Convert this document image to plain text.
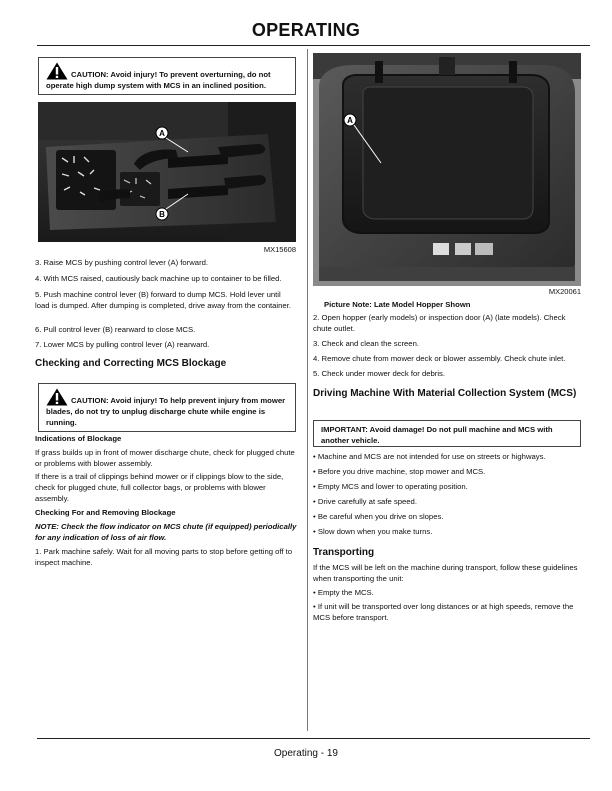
OPERATING
CAUTION: Avoid injury! To prevent overturning, do not operate high dump system with MCS in an inclined position.
A
B
MX15608

3. Raise MCS by pushing control lever (A) forward.

4. With MCS raised, cautiously back machine up to container to be filled.

5. Push machine control lever (B) forward to dump MCS. Hold lever until load is dumped. After dumping is completed, drive away from the container.

6. Pull control lever (B) rearward to close MCS.

7. Lower MCS by pulling control lever (A) rearward.

Checking and Correcting MCS Blockage
CAUTION: Avoid injury! To help prevent injury from mower blades, do not try to unplug discharge chute while engine is running.
Indications of Blockage

If grass builds up in front of mower discharge chute, check for plugged chute or problems with blower assembly.

If there is a trail of clippings behind mower or if clippings blow to the side, check for plugged chute, full collector bags, or problems with blower assembly.

Checking For and Removing Blockage
NOTE: Check the flow indicator on MCS chute (if equipped) periodically for any indication of loss of air flow.

1. Park machine safely. Wait for all moving parts to stop before getting off to inspect machine.

A
MX20061
Picture Note: Late Model Hopper Shown

2. Open hopper (early models) or inspection door (A) (late models). Check chute outlet.

3. Check and clean the screen.

4. Remove chute from mower deck or blower assembly. Check chute inlet.

5. Check under mower deck for debris.

Driving Machine With Material Collection System (MCS)
IMPORTANT: Avoid damage! Do not pull machine and MCS with another vehicle.

• Machine and MCS are not intended for use on streets or highways.

• Before you drive machine, stop mower and MCS.

• Empty MCS and lower to operating position.

• Drive carefully at safe speed.

• Be careful when you drive on slopes.

• Slow down when you make turns.

Transporting

If the MCS will be left on the machine during transport, follow these guidelines when transporting the unit:

• Empty the MCS.

• If unit will be transported over long distances or at high speeds, remove the MCS before transport.

Operating - 19
